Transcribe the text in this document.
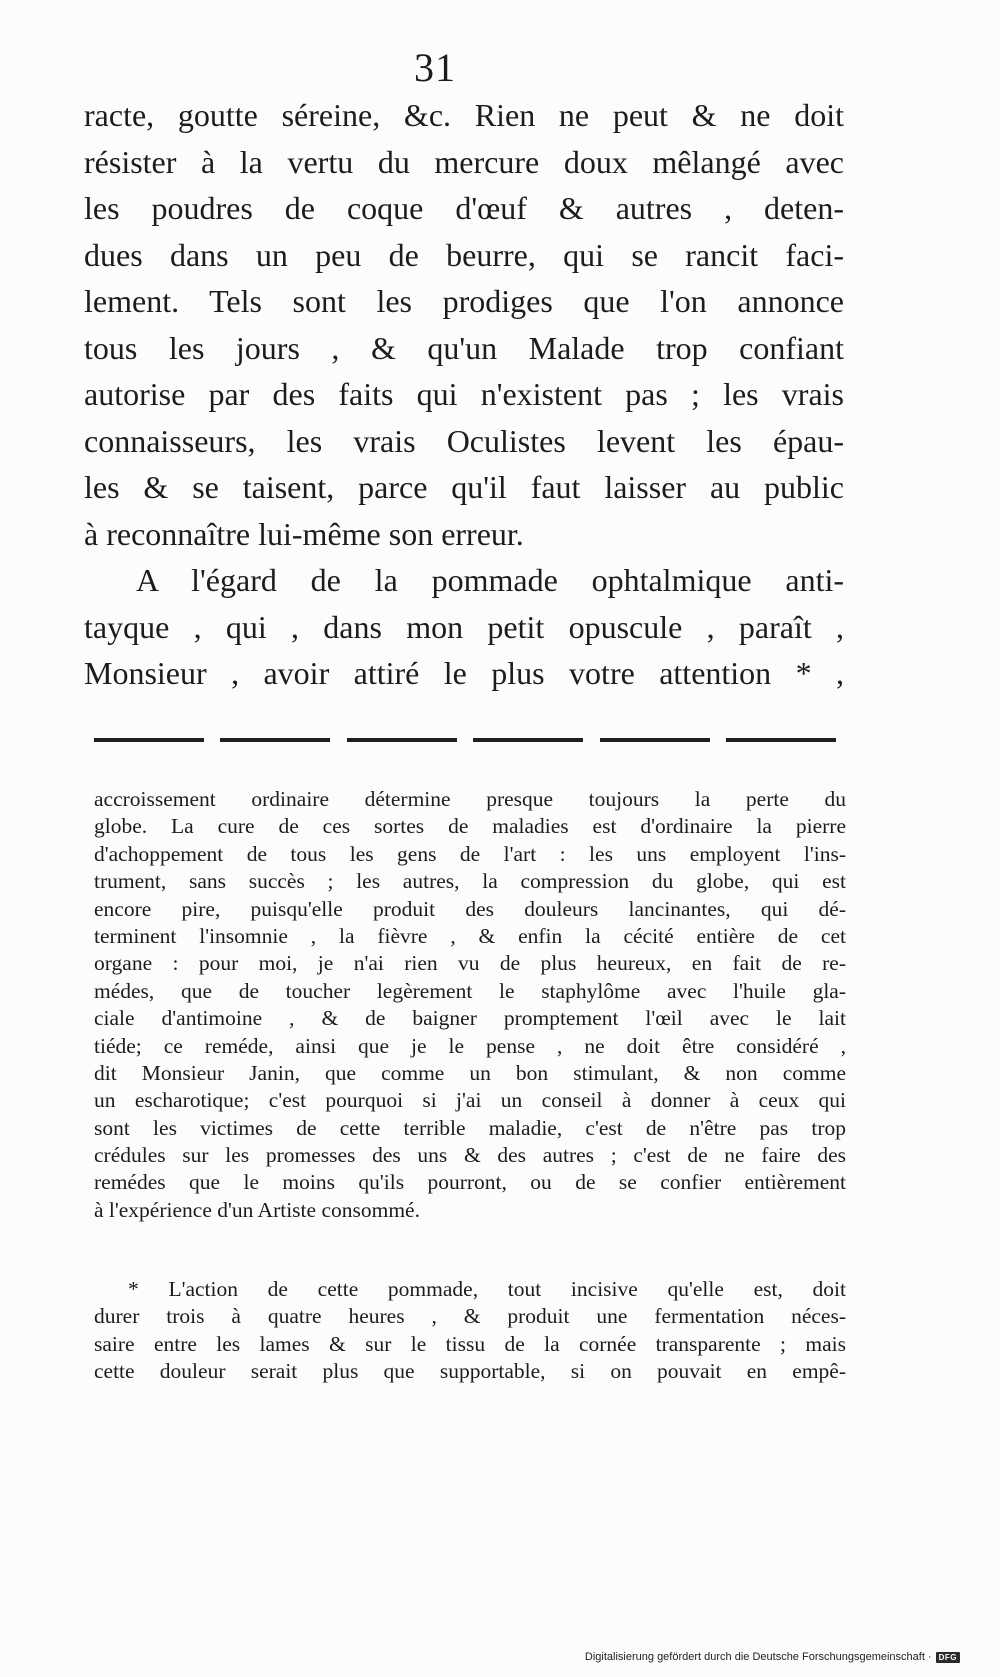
31
racte, goutte séreine, &c. Rien ne peut & ne doit
résister à la vertu du mercure doux mêlangé avec
les poudres de coque d'œuf & autres , deten-
dues dans un peu de beurre, qui se rancit faci-
lement. Tels sont les prodiges que l'on annonce
tous les jours , & qu'un Malade trop confiant
autorise par des faits qui n'existent pas ; les vrais
connaisseurs, les vrais Oculistes levent les épau-
les & se taisent, parce qu'il faut laisser au public
à reconnaître lui-même son erreur.
A l'égard de la pommade ophtalmique anti-
tayque , qui , dans mon petit opuscule , paraît ,
Monsieur , avoir attiré le plus votre attention * ,
accroissement ordinaire détermine presque toujours la perte du
globe. La cure de ces sortes de maladies est d'ordinaire la pierre
d'achoppement de tous les gens de l'art : les uns employent l'ins-
trument, sans succès ; les autres, la compression du globe, qui est
encore pire, puisqu'elle produit des douleurs lancinantes, qui dé-
terminent l'insomnie , la fièvre , & enfin la cécité entière de cet
organe : pour moi, je n'ai rien vu de plus heureux, en fait de re-
médes, que de toucher legèrement le staphylôme avec l'huile gla-
ciale d'antimoine , & de baigner promptement l'œil avec le lait
tiéde; ce reméde, ainsi que je le pense , ne doit être considéré ,
dit Monsieur Janin, que comme un bon stimulant, & non comme
un escharotique; c'est pourquoi si j'ai un conseil à donner à ceux qui
sont les victimes de cette terrible maladie, c'est de n'être pas trop
crédules sur les promesses des uns & des autres ; c'est de ne faire des
remédes que le moins qu'ils pourront, ou de se confier entièrement
à l'expérience d'un Artiste consommé.
* L'action de cette pommade, tout incisive qu'elle est, doit
durer trois à quatre heures , & produit une fermentation néces-
saire entre les lames & sur le tissu de la cornée transparente ; mais
cette douleur serait plus que supportable, si on pouvait en empê-
Digitalisierung gefördert durch die Deutsche Forschungsgemeinschaft · DFG
